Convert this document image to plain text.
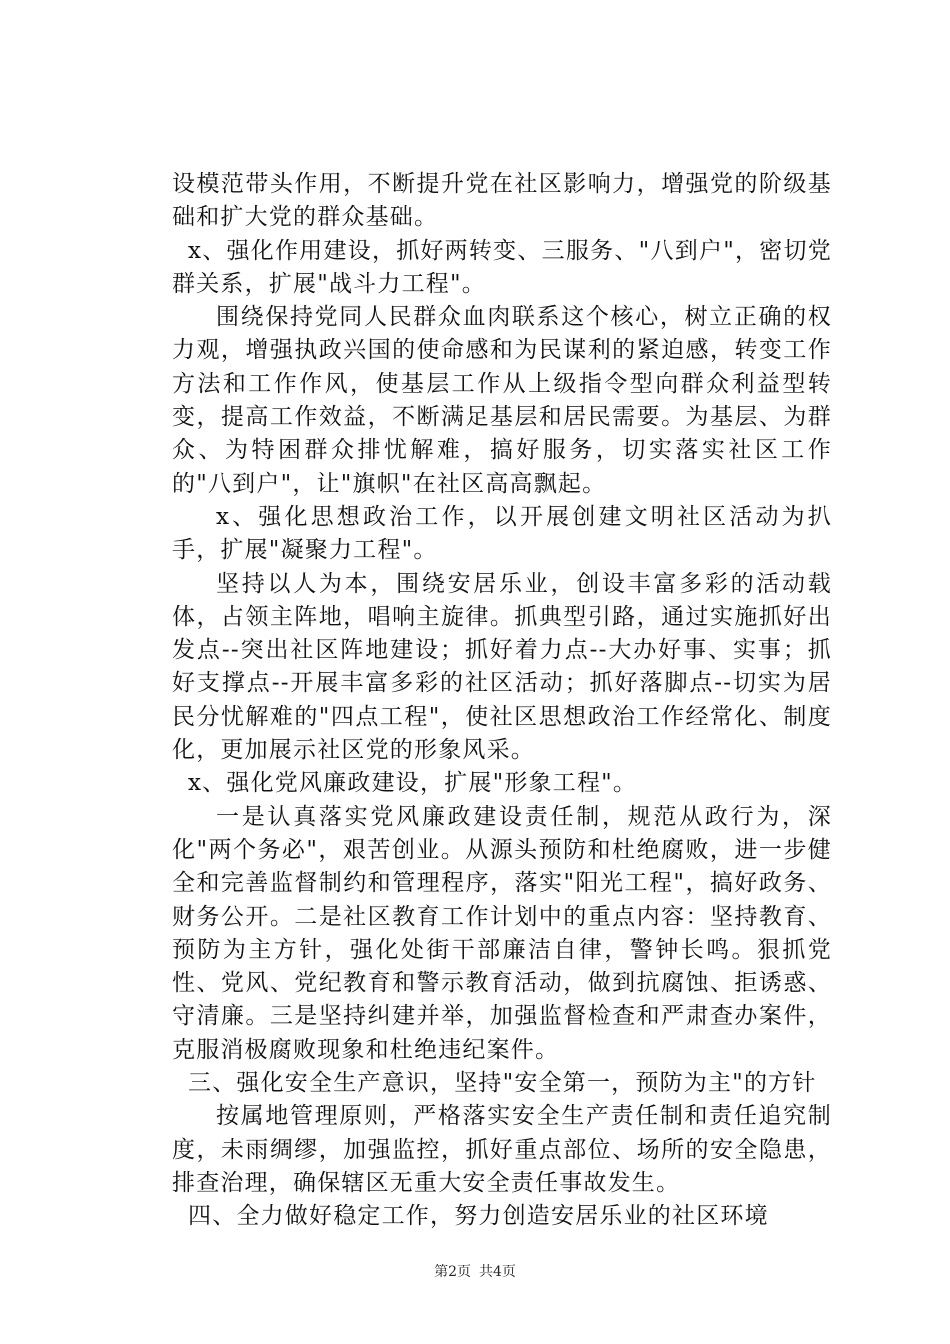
设模范带头作用，不断提升党在社区影响力，增强党的阶级基础和扩大党的群众基础。

x、强化作用建设，抓好两转变、三服务、"八到户"，密切党群关系，扩展"战斗力工程"。

围绕保持党同人民群众血肉联系这个核心，树立正确的权力观，增强执政兴国的使命感和为民谋利的紧迫感，转变工作方法和工作作风，使基层工作从上级指令型向群众利益型转变，提高工作效益，不断满足基层和居民需要。为基层、为群众、为特困群众排忧解难，搞好服务，切实落实社区工作的"八到户"，让"旗帜"在社区高高飘起。

x、强化思想政治工作，以开展创建文明社区活动为扒手，扩展"凝聚力工程"。

坚持以人为本，围绕安居乐业，创设丰富多彩的活动载体，占领主阵地，唱响主旋律。抓典型引路，通过实施抓好出发点--突出社区阵地建设；抓好着力点--大办好事、实事；抓好支撑点--开展丰富多彩的社区活动；抓好落脚点--切实为居民分忧解难的"四点工程"，使社区思想政治工作经常化、制度化，更加展示社区党的形象风采。

x、强化党风廉政建设，扩展"形象工程"。

一是认真落实党风廉政建设责任制，规范从政行为，深化"两个务必"，艰苦创业。从源头预防和杜绝腐败，进一步健全和完善监督制约和管理程序，落实"阳光工程"，搞好政务、财务公开。二是社区教育工作计划中的重点内容：坚持教育、预防为主方针，强化处街干部廉洁自律，警钟长鸣。狠抓党性、党风、党纪教育和警示教育活动，做到抗腐蚀、拒诱惑、守清廉。三是坚持纠建并举，加强监督检查和严肃查办案件，克服消极腐败现象和杜绝违纪案件。

三、强化安全生产意识，坚持"安全第一，预防为主"的方针

按属地管理原则，严格落实安全生产责任制和责任追究制度，未雨绸缪，加强监控，抓好重点部位、场所的安全隐患，排查治理，确保辖区无重大安全责任事故发生。

四、全力做好稳定工作，努力创造安居乐业的社区环境

第2页 共4页
